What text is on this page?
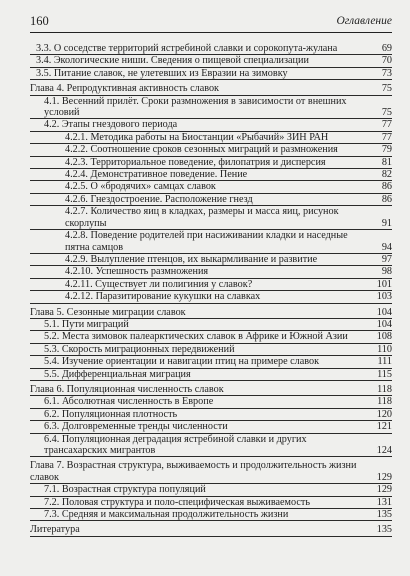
160	Оглавление
3.3. О соседстве территорий ястребиной славки и сорокопута-жулана	69
3.4. Экологические ниши. Сведения о пищевой специализации	70
3.5. Питание славок, не улетевших из Евразии на зимовку	73
Глава 4. Репродуктивная активность славок	75
4.1. Весенний прилёт. Сроки размножения в зависимости от внешних условий	75
4.2. Этапы гнездового периода	77
4.2.1. Методика работы на Биостанции «Рыбачий» ЗИН РАН	77
4.2.2. Соотношение сроков сезонных миграций и размножения	79
4.2.3. Территориальное поведение, филопатрия и дисперсия	81
4.2.4. Демонстративное поведение. Пение	82
4.2.5. О «бродячих» самцах славок	86
4.2.6. Гнездостроение. Расположение гнезд	86
4.2.7. Количество яиц в кладках, размеры и масса яиц, рисунок скорлупы	91
4.2.8. Поведение родителей при насиживании кладки и наседные пятна самцов	94
4.2.9. Вылупление птенцов, их выкармливание и развитие	97
4.2.10. Успешность размножения	98
4.2.11. Существует ли полигиния у славок?	101
4.2.12. Паразитирование кукушки на славках	103
Глава 5. Сезонные миграции славок	104
5.1. Пути миграций	104
5.2. Места зимовок палеарктических славок в Африке и Южной Азии	108
5.3. Скорость миграционных передвижений	110
5.4. Изучение ориентации и навигации птиц на примере славок	111
5.5. Дифференциальная миграция	115
Глава 6. Популяционная численность славок	118
6.1. Абсолютная численность в Европе	118
6.2. Популяционная плотность	120
6.3. Долговременные тренды численности	121
6.4. Популяционная деградация ястребиной славки и других трансахарских мигрантов	124
Глава 7. Возрастная структура, выживаемость и продолжительность жизни славок	129
7.1. Возрастная структура популяций	129
7.2. Половая структура и поло-специфическая выживаемость	131
7.3. Средняя и максимальная продолжительность жизни	135
Литература	135
